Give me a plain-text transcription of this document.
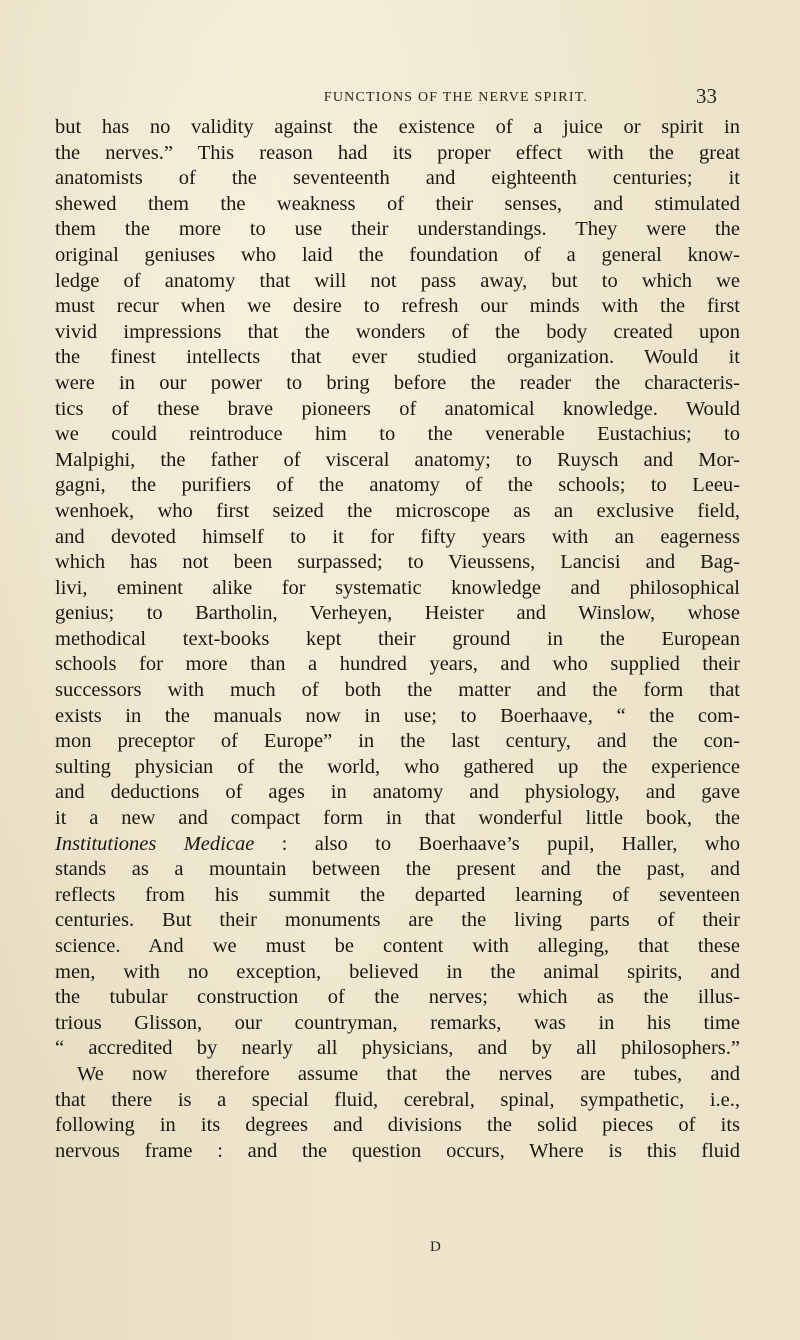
FUNCTIONS OF THE NERVE SPIRIT.	33
but has no validity against the existence of a juice or spirit in
the nerves.” This reason had its proper effect with the great
anatomists of the seventeenth and eighteenth centuries; it
shewed them the weakness of their senses, and stimulated
them the more to use their understandings. They were the
original geniuses who laid the foundation of a general know-
ledge of anatomy that will not pass away, but to which we
must recur when we desire to refresh our minds with the first
vivid impressions that the wonders of the body created upon
the finest intellects that ever studied organization. Would it
were in our power to bring before the reader the characteris-
tics of these brave pioneers of anatomical knowledge. Would
we could reintroduce him to the venerable Eustachius; to
Malpighi, the father of visceral anatomy; to Ruysch and Mor-
gagni, the purifiers of the anatomy of the schools; to Leeu-
wenhoek, who first seized the microscope as an exclusive field,
and devoted himself to it for fifty years with an eagerness
which has not been surpassed; to Vieussens, Lancisi and Bag-
livi, eminent alike for systematic knowledge and philosophical
genius; to Bartholin, Verheyen, Heister and Winslow, whose
methodical text-books kept their ground in the European
schools for more than a hundred years, and who supplied their
successors with much of both the matter and the form that
exists in the manuals now in use; to Boerhaave, “ the com-
mon preceptor of Europe” in the last century, and the con-
sulting physician of the world, who gathered up the experience
and deductions of ages in anatomy and physiology, and gave
it a new and compact form in that wonderful little book, the
Institutiones Medicae : also to Boerhaave’s pupil, Haller, who
stands as a mountain between the present and the past, and
reflects from his summit the departed learning of seventeen
centuries. But their monuments are the living parts of their
science. And we must be content with alleging, that these
men, with no exception, believed in the animal spirits, and
the tubular construction of the nerves; which as the illus-
trious Glisson, our countryman, remarks, was in his time
“ accredited by nearly all physicians, and by all philosophers.”
We now therefore assume that the nerves are tubes, and
that there is a special fluid, cerebral, spinal, sympathetic, i.e.,
following in its degrees and divisions the solid pieces of its
nervous frame : and the question occurs, Where is this fluid
D
